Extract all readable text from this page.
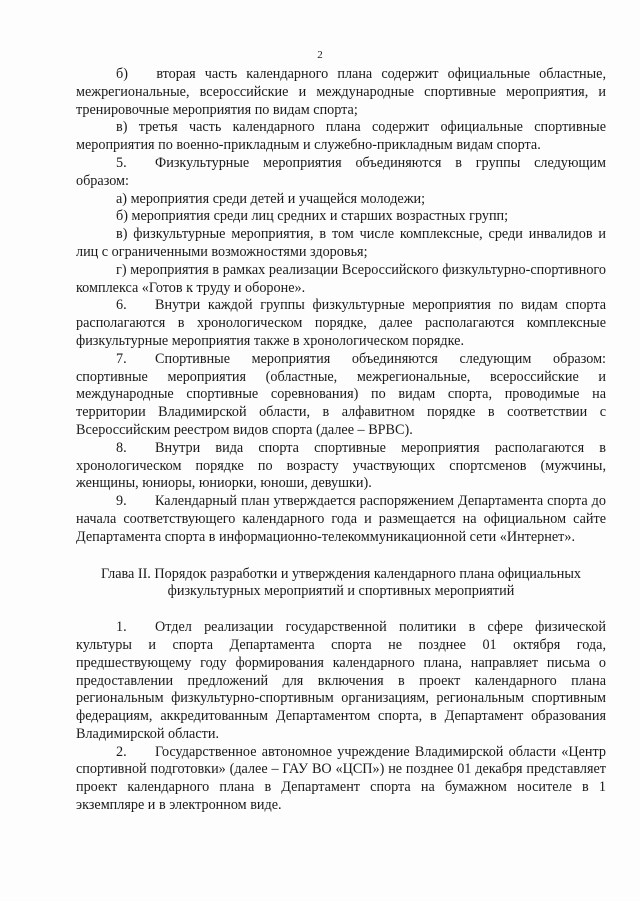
2

б)  вторая часть календарного плана содержит официальные областные, межрегиональные, всероссийские и международные спортивные мероприятия, и тренировочные мероприятия по видам спорта;

в) третья часть календарного плана содержит официальные спортивные мероприятия по военно-прикладным и служебно-прикладным видам спорта.

5.  Физкультурные мероприятия объединяются в группы следующим образом:

а) мероприятия среди детей и учащейся молодежи;

б) мероприятия среди лиц средних и старших возрастных групп;

в) физкультурные мероприятия, в том числе комплексные, среди инвалидов и лиц с ограниченными возможностями здоровья;

г) мероприятия в рамках реализации Всероссийского физкультурно-спортивного комплекса «Готов к труду и обороне».

6.  Внутри каждой группы физкультурные мероприятия по видам спорта располагаются в хронологическом порядке, далее располагаются комплексные физкультурные мероприятия также в хронологическом порядке.

7.  Спортивные мероприятия объединяются следующим образом: спортивные мероприятия (областные, межрегиональные, всероссийские и международные спортивные соревнования) по видам спорта, проводимые на территории Владимирской области, в алфавитном порядке в соответствии с Всероссийским реестром видов спорта (далее – ВРВС).

8.  Внутри вида спорта спортивные мероприятия располагаются в хронологическом порядке по возрасту участвующих спортсменов (мужчины, женщины, юниоры, юниорки, юноши, девушки).

9.  Календарный план утверждается распоряжением Департамента спорта до начала соответствующего календарного года и размещается на официальном сайте Департамента спорта в информационно-телекоммуникационной сети «Интернет».

Глава II. Порядок разработки и утверждения календарного плана официальных
физкультурных мероприятий и спортивных мероприятий

1.  Отдел реализации государственной политики в сфере физической культуры и спорта Департамента спорта не позднее 01 октября года, предшествующему году формирования календарного плана, направляет письма о предоставлении предложений для включения в проект календарного плана региональным физкультурно-спортивным организациям, региональным спортивным федерациям, аккредитованным Департаментом спорта, в Департамент образования Владимирской области.

2.  Государственное автономное учреждение Владимирской области «Центр спортивной подготовки» (далее – ГАУ ВО «ЦСП») не позднее 01 декабря представляет проект календарного плана в Департамент спорта на бумажном носителе в 1 экземпляре и в электронном виде.
